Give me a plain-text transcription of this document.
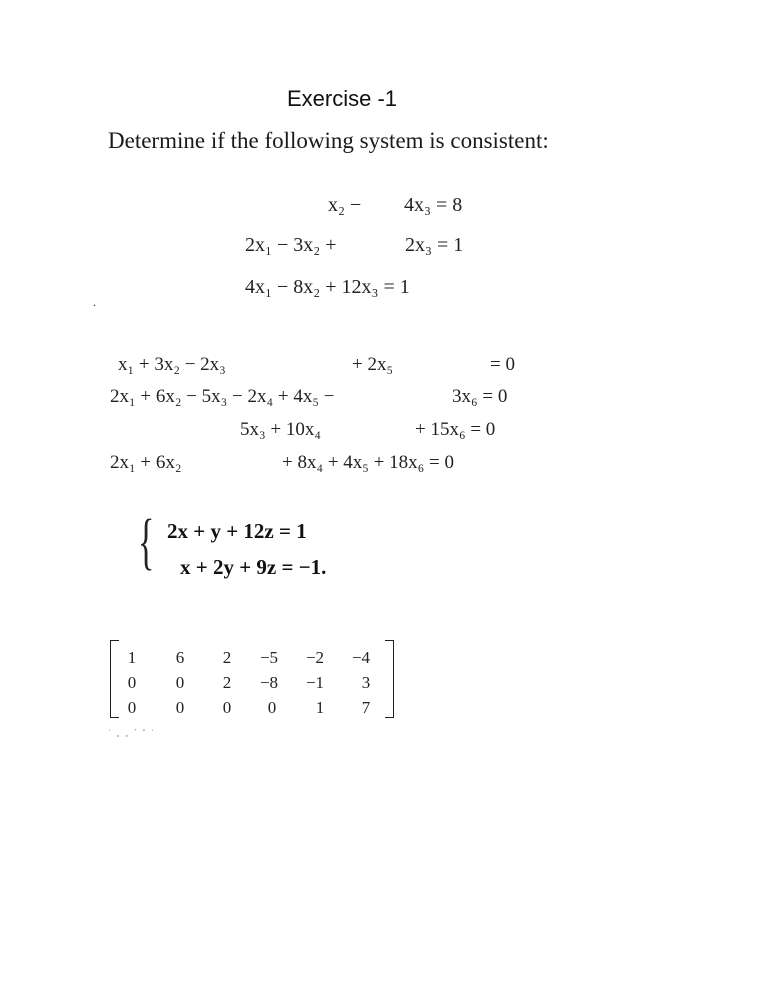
Exercise -1
Determine if the following system is consistent:
x₂ − 4x₃ = 8
2x₁ − 3x₂ +	2x₃ = 1
4x₁ − 8x₂ + 12x₃ = 1
.
x₁ + 3x₂ − 2x₃	+ 2x₅	= 0
2x₁ + 6x₂ − 5x₃ − 2x₄ + 4x₅ −	3x₆ = 0
5x₃ + 10x₄	+ 15x₆ = 0
2x₁ + 6x₂	+ 8x₄ + 4x₅ + 18x₆ = 0
{ 2x + y + 12z = 1
x + 2y + 9z = −1.
1	6	2	−5	−2	−4
0	0	2	−8	−1	3
0	0	0	0	1	7
˙ ¸ ¸ ´ ˘ ˙
